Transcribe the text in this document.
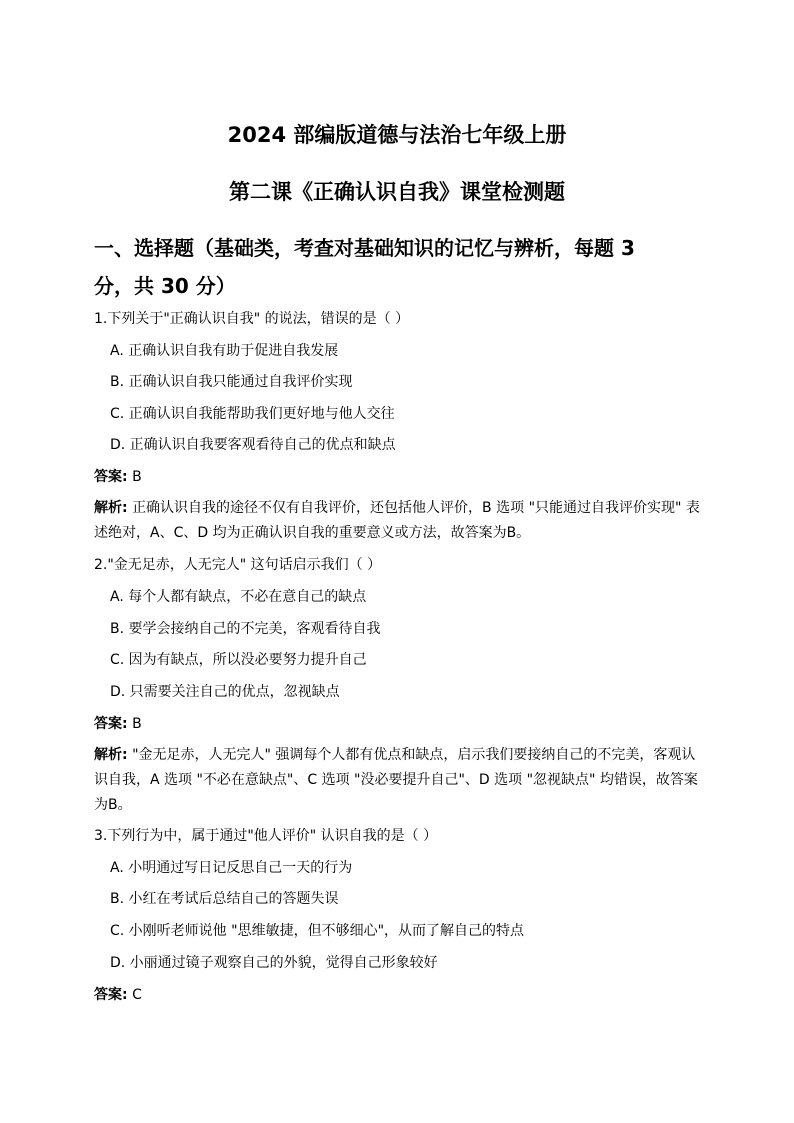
2024 部编版道德与法治七年级上册
第二课《正确认识自我》课堂检测题
一、选择题（基础类，考查对基础知识的记忆与辨析，每题 3 分，共 30 分）
1.下列关于"正确认识自我" 的说法，错误的是（ ）
A. 正确认识自我有助于促进自我发展
B. 正确认识自我只能通过自我评价实现
C. 正确认识自我能帮助我们更好地与他人交往
D. 正确认识自我要客观看待自己的优点和缺点
答案: B
解析: 正确认识自我的途径不仅有自我评价，还包括他人评价，B 选项 "只能通过自我评价实现" 表述绝对，A、C、D 均为正确认识自我的重要意义或方法，故答案为B。
2."金无足赤，人无完人" 这句话启示我们（ ）
A. 每个人都有缺点，不必在意自己的缺点
B. 要学会接纳自己的不完美，客观看待自我
C. 因为有缺点，所以没必要努力提升自己
D. 只需要关注自己的优点，忽视缺点
答案: B
解析: "金无足赤，人无完人" 强调每个人都有优点和缺点，启示我们要接纳自己的不完美，客观认识自我，A 选项 "不必在意缺点"、C 选项 "没必要提升自己"、D 选项 "忽视缺点" 均错误，故答案为B。
3.下列行为中，属于通过"他人评价" 认识自我的是（ ）
A. 小明通过写日记反思自己一天的行为
B. 小红在考试后总结自己的答题失误
C. 小刚听老师说他 "思维敏捷，但不够细心"，从而了解自己的特点
D. 小丽通过镜子观察自己的外貌，觉得自己形象较好
答案: C
